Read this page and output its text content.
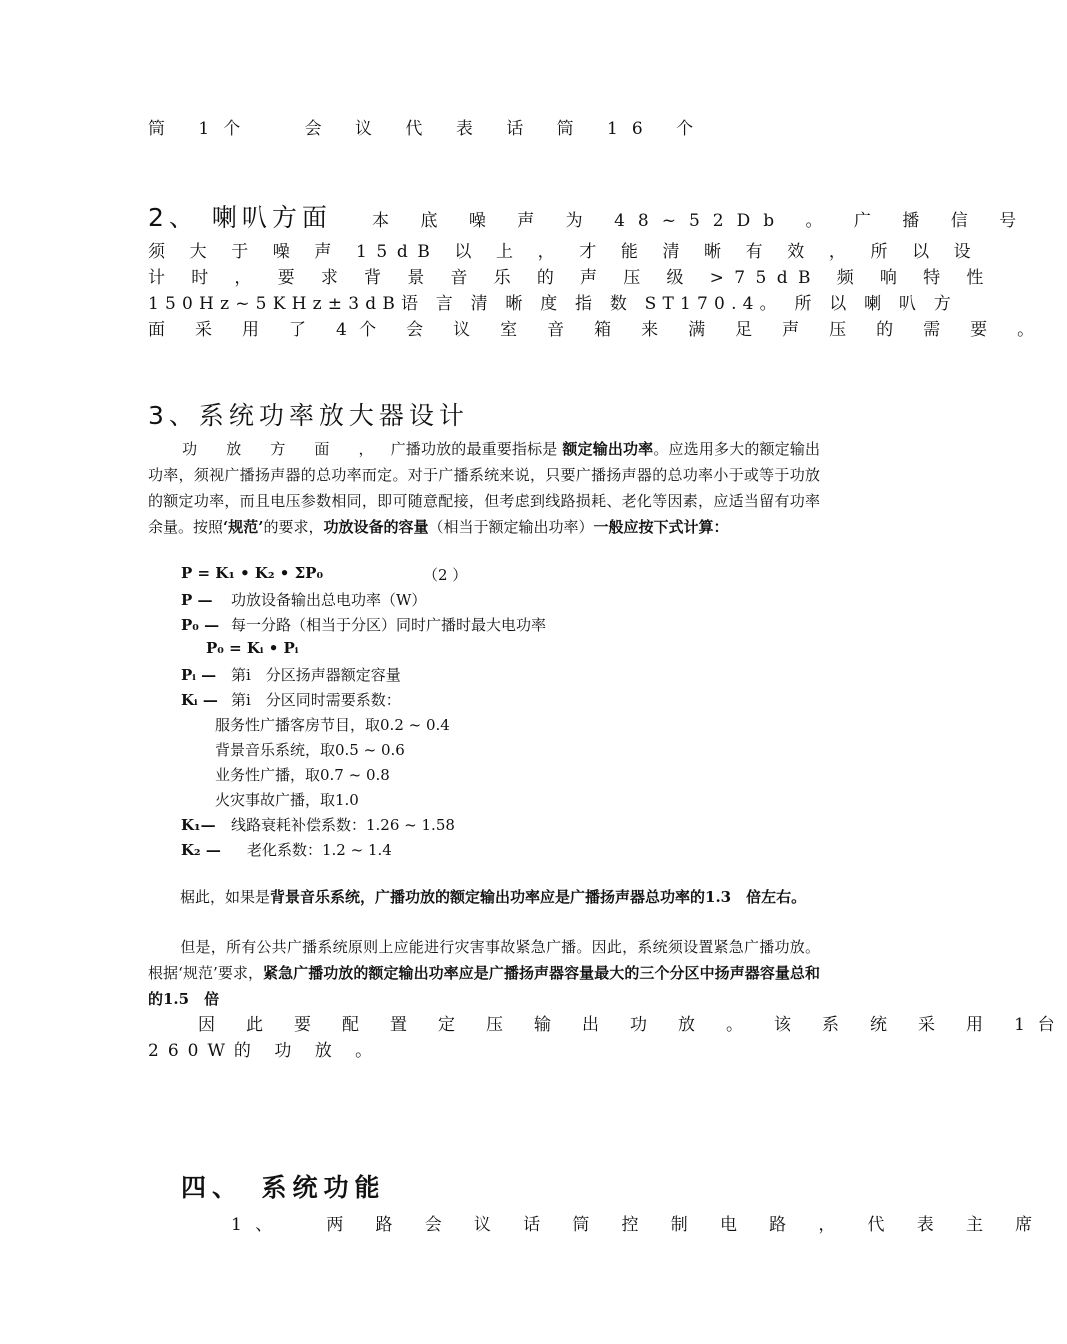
筒 1个　 会 议 代 表 话 筒 16 个
2、 喇叭方面 本 底 噪 声 为 48~52Db 。 广 播 信 号
须 大 于 噪 声 15dB 以 上 ， 才 能 清 晰 有 效 ， 所 以 设
计 时 ， 要 求 背 景 音 乐 的 声 压 级 >75dB 频 响 特 性
150Hz~5KHz±3dB语 言 清 晰 度 指 数 ST170.4。 所 以 喇 叭 方
面 采 用 了 4个 会 议 室 音 箱 来 满 足 声 压 的 需 要 。
3、系统功率放大器设计
功 放 方 面 ， 广播功放的最重要指标是 额定输出功率。应选用多大的额定输出功率，须视广播扬声器的总功率而定。对于广播系统来说，只要广播扬声器的总功率小于或等于功放的额定功率，而且电压参数相同，即可随意配接，但考虑到线路损耗、老化等因素，应适当留有功率余量。按照‘规范’的要求，功放设备的容量（相当于额定输出功率）一般应按下式计算：
P = K₁ • K₂ • ΣP₀	（2 ）
P — 功放设备输出总电功率（W）
P₀ — 每一分路（相当于分区）同时广播时最大电功率
P₀ = Kᵢ • Pᵢ
Pᵢ — 第i　分区扬声器额定容量
Kᵢ — 第i　分区同时需要系数：
服务性广播客房节目，取0.2 ~ 0.4
背景音乐系统，取0.5 ~ 0.6
业务性广播，取0.7 ~ 0.8
火灾事故广播，取1.0
K₁— 线路衰耗补偿系数：1.26 ~ 1.58
K₂ — 老化系数：1.2 ~ 1.4
椐此，如果是背景音乐系统，广播功放的额定输出功率应是广播扬声器总功率的1.3　倍左右。
但是，所有公共广播系统原则上应能进行灾害事故紧急广播。因此，系统须设置紧急广播功放。根据‘规范’要求，紧急广播功放的额定输出功率应是广播扬声器容量最大的三个分区中扬声器容量总和的1.5　倍
因 此 要 配 置 定 压 输 出 功 放 。 该 系 统 采 用 1台
260W的 功 放 。
四、　系统功能
1、　 两 路 会 议 话 筒 控 制 电 路 ， 代 表 主 席
